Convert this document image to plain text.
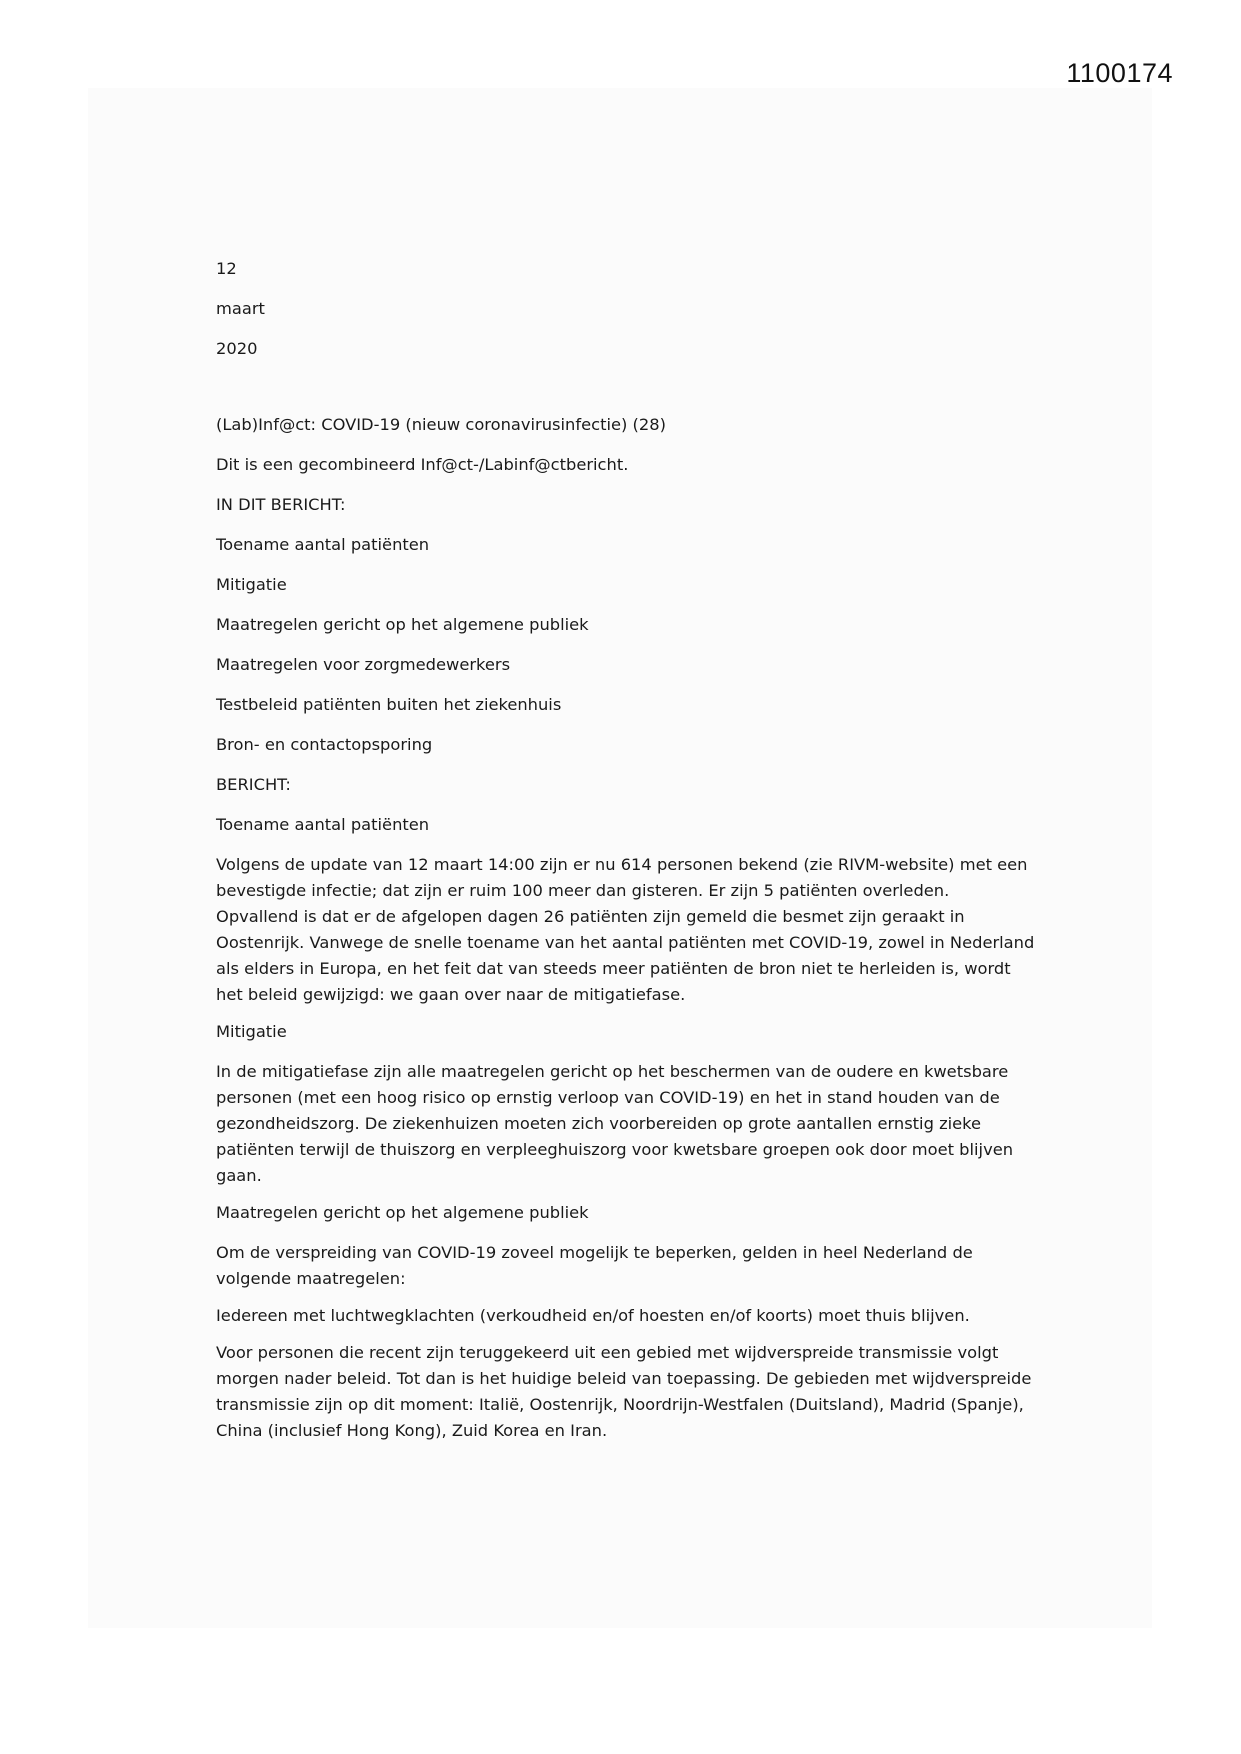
1100174

12

maart

2020

(Lab)Inf@ct: COVID-19 (nieuw coronavirusinfectie) (28)

Dit is een gecombineerd Inf@ct-/Labinf@ctbericht.

IN DIT BERICHT:

Toename aantal patiënten

Mitigatie

Maatregelen gericht op het algemene publiek

Maatregelen voor zorgmedewerkers

Testbeleid patiënten buiten het ziekenhuis

Bron- en contactopsporing

BERICHT:

Toename aantal patiënten

Volgens de update van 12 maart 14:00 zijn er nu 614 personen bekend (zie RIVM-website) met een bevestigde infectie; dat zijn er ruim 100 meer dan gisteren. Er zijn 5 patiënten overleden. Opvallend is dat er de afgelopen dagen 26 patiënten zijn gemeld die besmet zijn geraakt in Oostenrijk. Vanwege de snelle toename van het aantal patiënten met COVID-19, zowel in Nederland als elders in Europa, en het feit dat van steeds meer patiënten de bron niet te herleiden is, wordt het beleid gewijzigd: we gaan over naar de mitigatiefase.

Mitigatie

In de mitigatiefase zijn alle maatregelen gericht op het beschermen van de oudere en kwetsbare personen (met een hoog risico op ernstig verloop van COVID-19) en het in stand houden van de gezondheidszorg. De ziekenhuizen moeten zich voorbereiden op grote aantallen ernstig zieke patiënten terwijl de thuiszorg en verpleeghuiszorg voor kwetsbare groepen ook door moet blijven gaan.

Maatregelen gericht op het algemene publiek

Om de verspreiding van COVID-19 zoveel mogelijk te beperken, gelden in heel Nederland de volgende maatregelen:

Iedereen met luchtwegklachten (verkoudheid en/of hoesten en/of koorts) moet thuis blijven.

Voor personen die recent zijn teruggekeerd uit een gebied met wijdverspreide transmissie volgt morgen nader beleid. Tot dan is het huidige beleid van toepassing. De gebieden met wijdverspreide transmissie zijn op dit moment: Italië, Oostenrijk, Noordrijn-Westfalen (Duitsland), Madrid (Spanje), China (inclusief Hong Kong), Zuid Korea en Iran.
